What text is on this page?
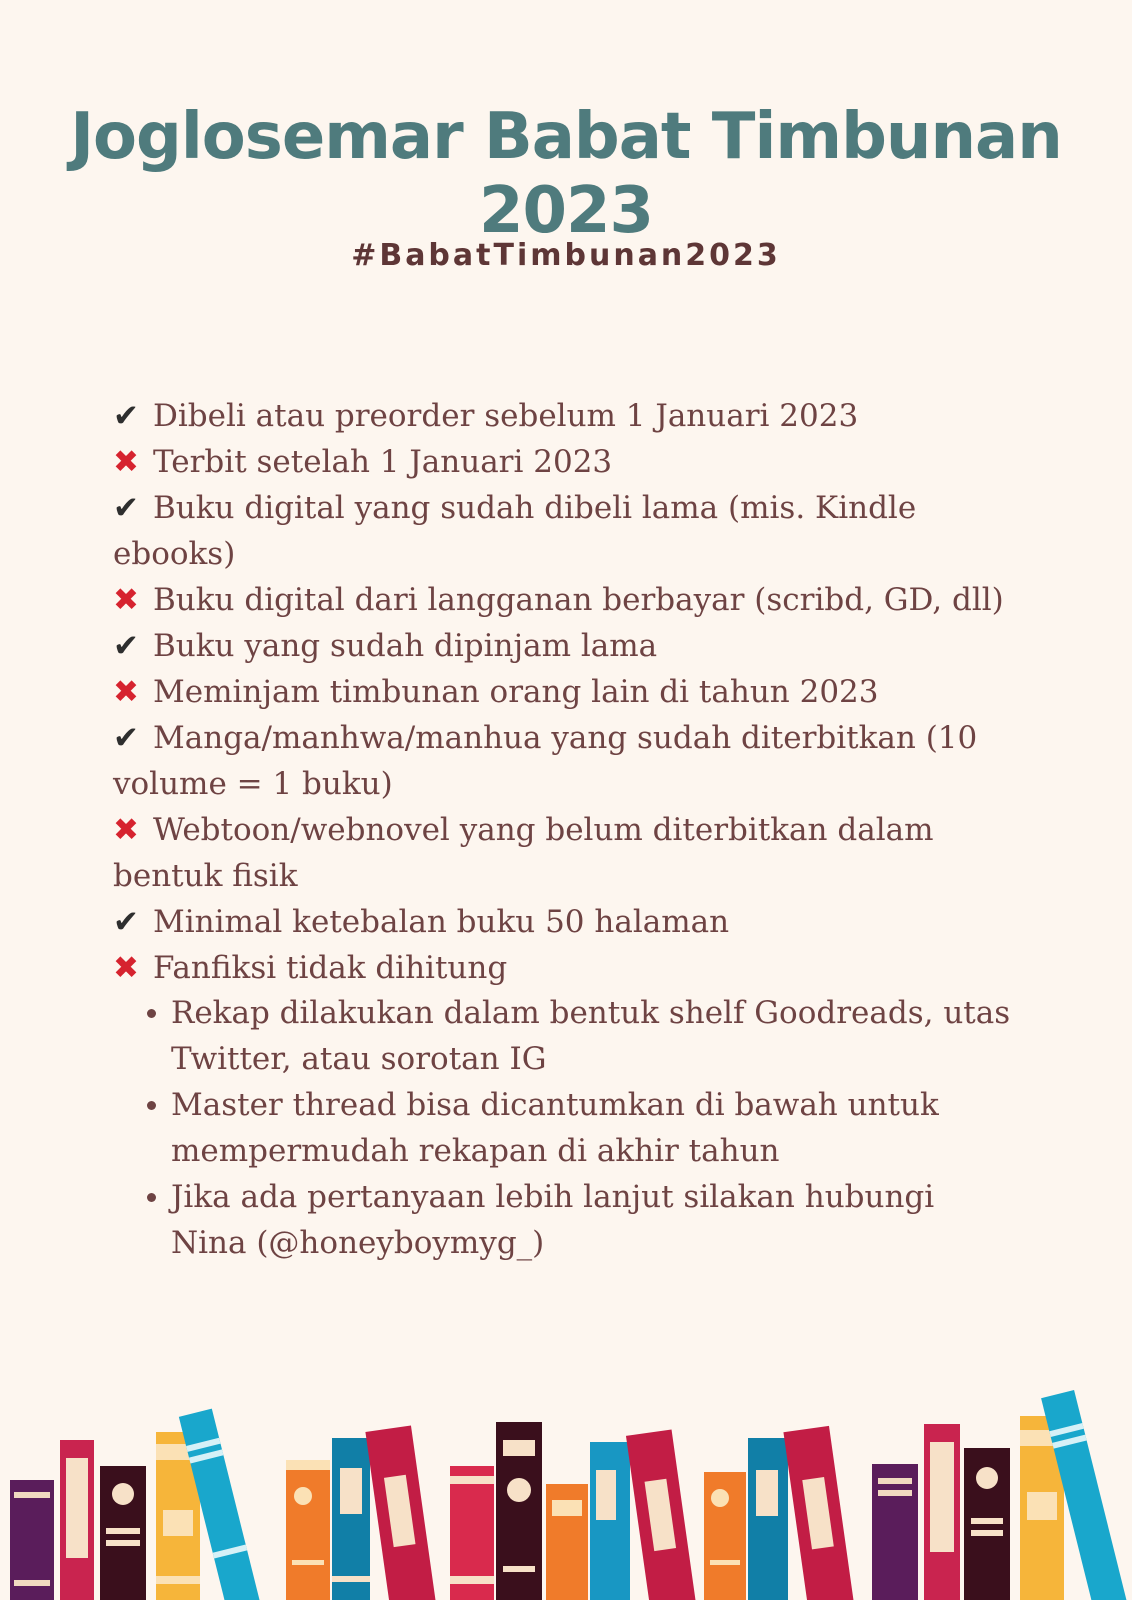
Joglosemar Babat Timbunan 2023
#BabatTimbunan2023

✔ Dibeli atau preorder sebelum 1 Januari 2023

✖ Terbit setelah 1 Januari 2023

✔ Buku digital yang sudah dibeli lama (mis. Kindle ebooks)

✖ Buku digital dari langganan berbayar (scribd, GD, dll)

✔ Buku yang sudah dipinjam lama

✖ Meminjam timbunan orang lain di tahun 2023

✔ Manga/manhwa/manhua yang sudah diterbitkan (10 volume = 1 buku)

✖ Webtoon/webnovel yang belum diterbitkan dalam bentuk fisik

✔ Minimal ketebalan buku 50 halaman

✖ Fanfiksi tidak dihitung

Rekap dilakukan dalam bentuk shelf Goodreads, utas Twitter, atau sorotan IG
Master thread bisa dicantumkan di bawah untuk mempermudah rekapan di akhir tahun
Jika ada pertanyaan lebih lanjut silakan hubungi Nina (@honeyboymyg_)
